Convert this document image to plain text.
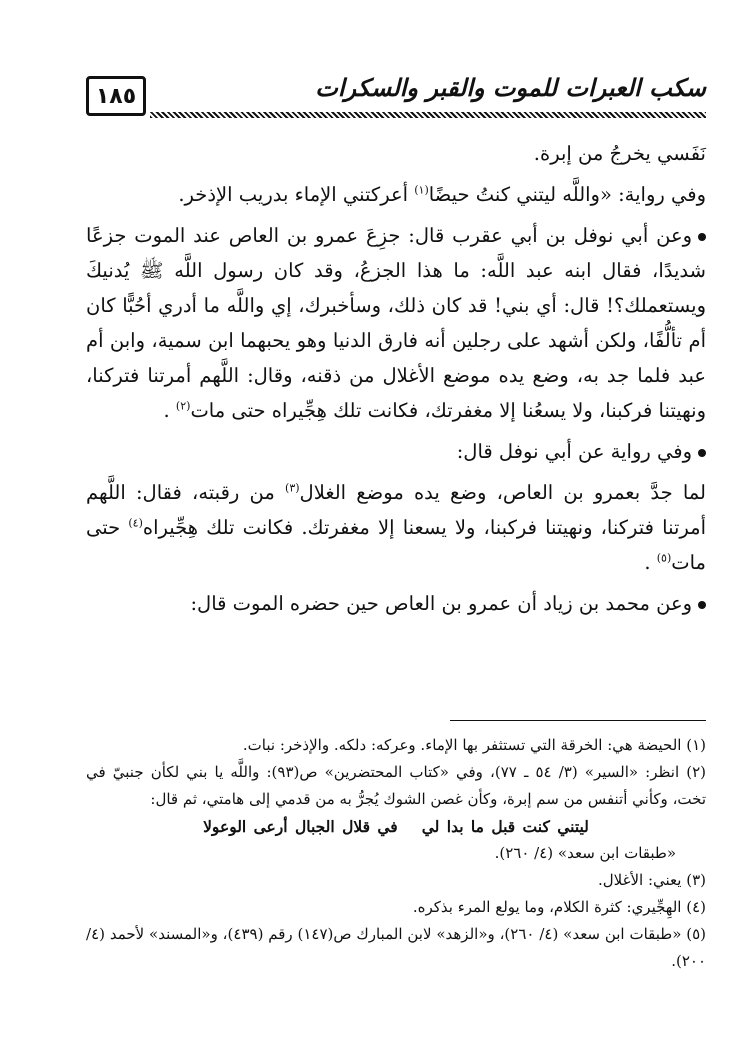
١٨٥	سكب العبرات للموت والقبر والسكرات

نَفَسي يخرجُ من إبرة.

وفي رواية: «واللَّه ليتني كنتُ حيضًا$^{(١)}$ أعركتني الإماء بدريب الإذخر.

وعن أبي نوفل بن أبي عقرب قال: جزِعَ عمرو بن العاص عند الموت جزعًا شديدًا، فقال ابنه عبد اللَّه: ما هذا الجزعُ، وقد كان رسول اللَّه ﷺ يُدنيكَ ويستعملك؟! قال: أي بني! قد كان ذلك، وسأخبرك، إي واللَّه ما أدري أحُبًّا كان أم تألُّفًا، ولكن أشهد على رجلين أنه فارق الدنيا وهو يحبهما ابن سمية، وابن أم عبد فلما جد به، وضع يده موضع الأغلال من ذقنه، وقال: اللَّهم أمرتنا فتركنا، ونهيتنا فركبنا، ولا يسعُنا إلا مغفرتك، فكانت تلك هِجِّيراه حتى مات$^{(٢)}$ .

وفي رواية عن أبي نوفل قال:

لما جدَّ بعمرو بن العاص، وضع يده موضع الغلال$^{(٣)}$ من رقبته، فقال: اللَّهم أمرتنا فتركنا، ونهيتنا فركبنا، ولا يسعنا إلا مغفرتك. فكانت تلك هِجِّيراه$^{(٤)}$ حتى مات$^{(٥)}$ .

وعن محمد بن زياد أن عمرو بن العاص حين حضره الموت قال:

(١) الحيضة هي: الخرقة التي تستثفر بها الإماء. وعركه: دلكه. والإذخر: نبات.

(٢) انظر: «السير» (٣/ ٥٤ ـ ٧٧)، وفي «كتاب المحتضرين» ص(٩٣): واللَّه يا بني لكأن جنبيّ في تخت، وكأني أتنفس من سم إبرة، وكأن غصن الشوك يُجرُّ به من قدمي إلى هامتي، ثم قال:

ليتني كنت قبل ما بدا ليفي قلال الجبال أرعى الوعولا

«طبقات ابن سعد» (٤/ ٢٦٠).

(٣) يعني: الأغلال.

(٤) الهِجِّيري: كثرة الكلام، وما يولع المرء بذكره.

(٥) «طبقات ابن سعد» (٤/ ٢٦٠)، و«الزهد» لابن المبارك ص(١٤٧) رقم (٤٣٩)، و«المسند» لأحمد (٤/ ٢٠٠).
